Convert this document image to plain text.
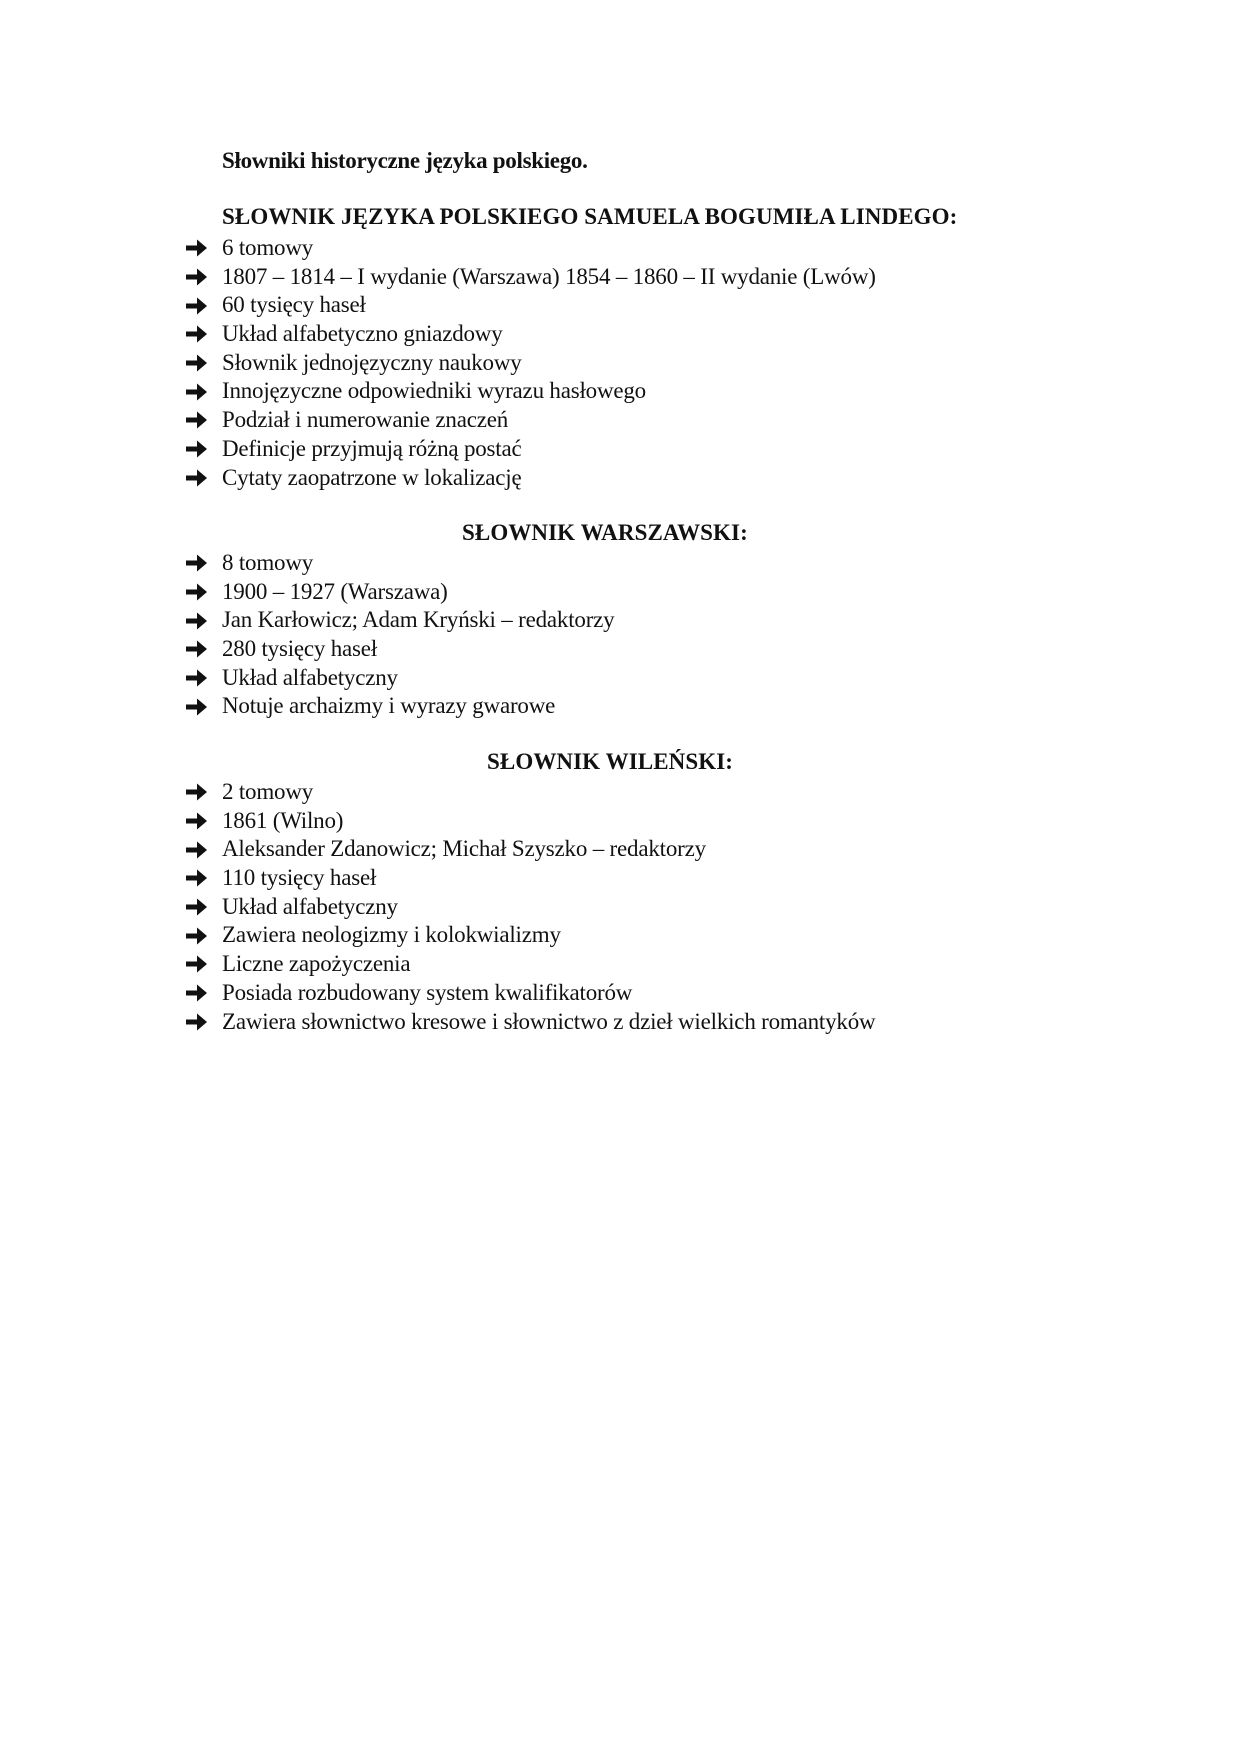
Słowniki historyczne języka polskiego.
SŁOWNIK JĘZYKA POLSKIEGO SAMUELA BOGUMIŁA LINDEGO:
6 tomowy
1807 – 1814 – I wydanie (Warszawa) 1854 – 1860 – II wydanie (Lwów)
60 tysięcy haseł
Układ alfabetyczno gniazdowy
Słownik jednojęzyczny naukowy
Innojęzyczne odpowiedniki wyrazu hasłowego
Podział i numerowanie znaczeń
Definicje przyjmują różną postać
Cytaty zaopatrzone w lokalizację
SŁOWNIK WARSZAWSKI:
8 tomowy
1900 – 1927 (Warszawa)
Jan Karłowicz; Adam Kryński – redaktorzy
280 tysięcy haseł
Układ alfabetyczny
Notuje archaizmy i wyrazy gwarowe
SŁOWNIK WILEŃSKI:
2 tomowy
1861 (Wilno)
Aleksander Zdanowicz; Michał Szyszko – redaktorzy
110 tysięcy haseł
Układ alfabetyczny
Zawiera neologizmy i kolokwializmy
Liczne zapożyczenia
Posiada rozbudowany system kwalifikatorów
Zawiera słownictwo kresowe i słownictwo z dzieł wielkich romantyków
